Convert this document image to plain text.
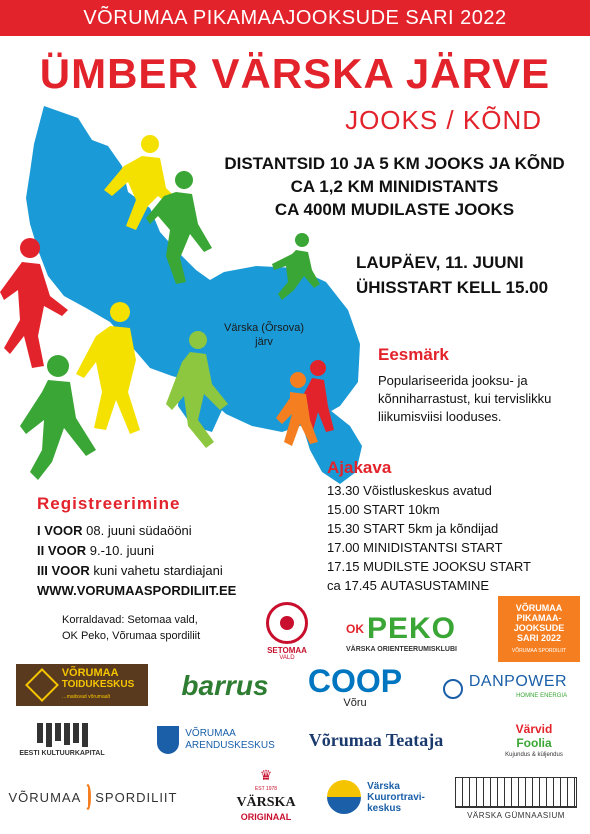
VÕRUMAA PIKAMAAJOOKSUDE SARI 2022
ÜMBER VÄRSKA JÄRVE
JOOKS / KÕND
Värska (Õrsova)
järv
DISTANTSID 10 JA 5 KM JOOKS JA KÕND
CA 1,2 KM MINIDISTANTS
CA 400M MUDILASTE JOOKS
LAUPÄEV, 11. JUUNI
ÜHISSTART KELL 15.00
Eesmärk
Populariseerida jooksu- ja kõnniharrastust, kui tervislikku liikumisviisi looduses.
Ajakava
13.30 Võistluskeskus avatud
15.00 START 10km
15.30 START 5km ja kõndijad
17.00 MINIDISTANTSI START
17.15 MUDILSTE JOOKSU START
ca 17.45 AUTASUSTAMINE
Registreerimine
I VOOR 08. juuni südaööni
II VOOR 9.-10. juuni
III VOOR kuni vahetu stardiajani
WWW.VORUMAASPORDILIIT.EE
Korraldavad: Setomaa vald,
OK Peko, Võrumaa spordiliit
SETOMAA
VALD
OK PEKO
VÄRSKA ORIENTEERUMISKLUBI
VÕRUMAA
PIKAMAA-
JOOKSUDE
SARI 2022
VÕRUMAA SPORDILIIT
VÕRUMAA
TOIDUKESKUS
…maitsvad võrumaalt	barrus COOP
Võru
DANPOWER
HOMNE ENERGIA
EESTI KULTUURKAPITAL
VÕRUMAA
ARENDUSKESKUS Võrumaa Teataja
Värvid
Foolia
Kujundus & küljendus
VÕRUMAA SPORDILIIT
♛
EST 1978
VÄRSKA
ORIGINAAL
Värska
Kuurortravi-
keskus
VÄRSKA GÜMNAASIUM
